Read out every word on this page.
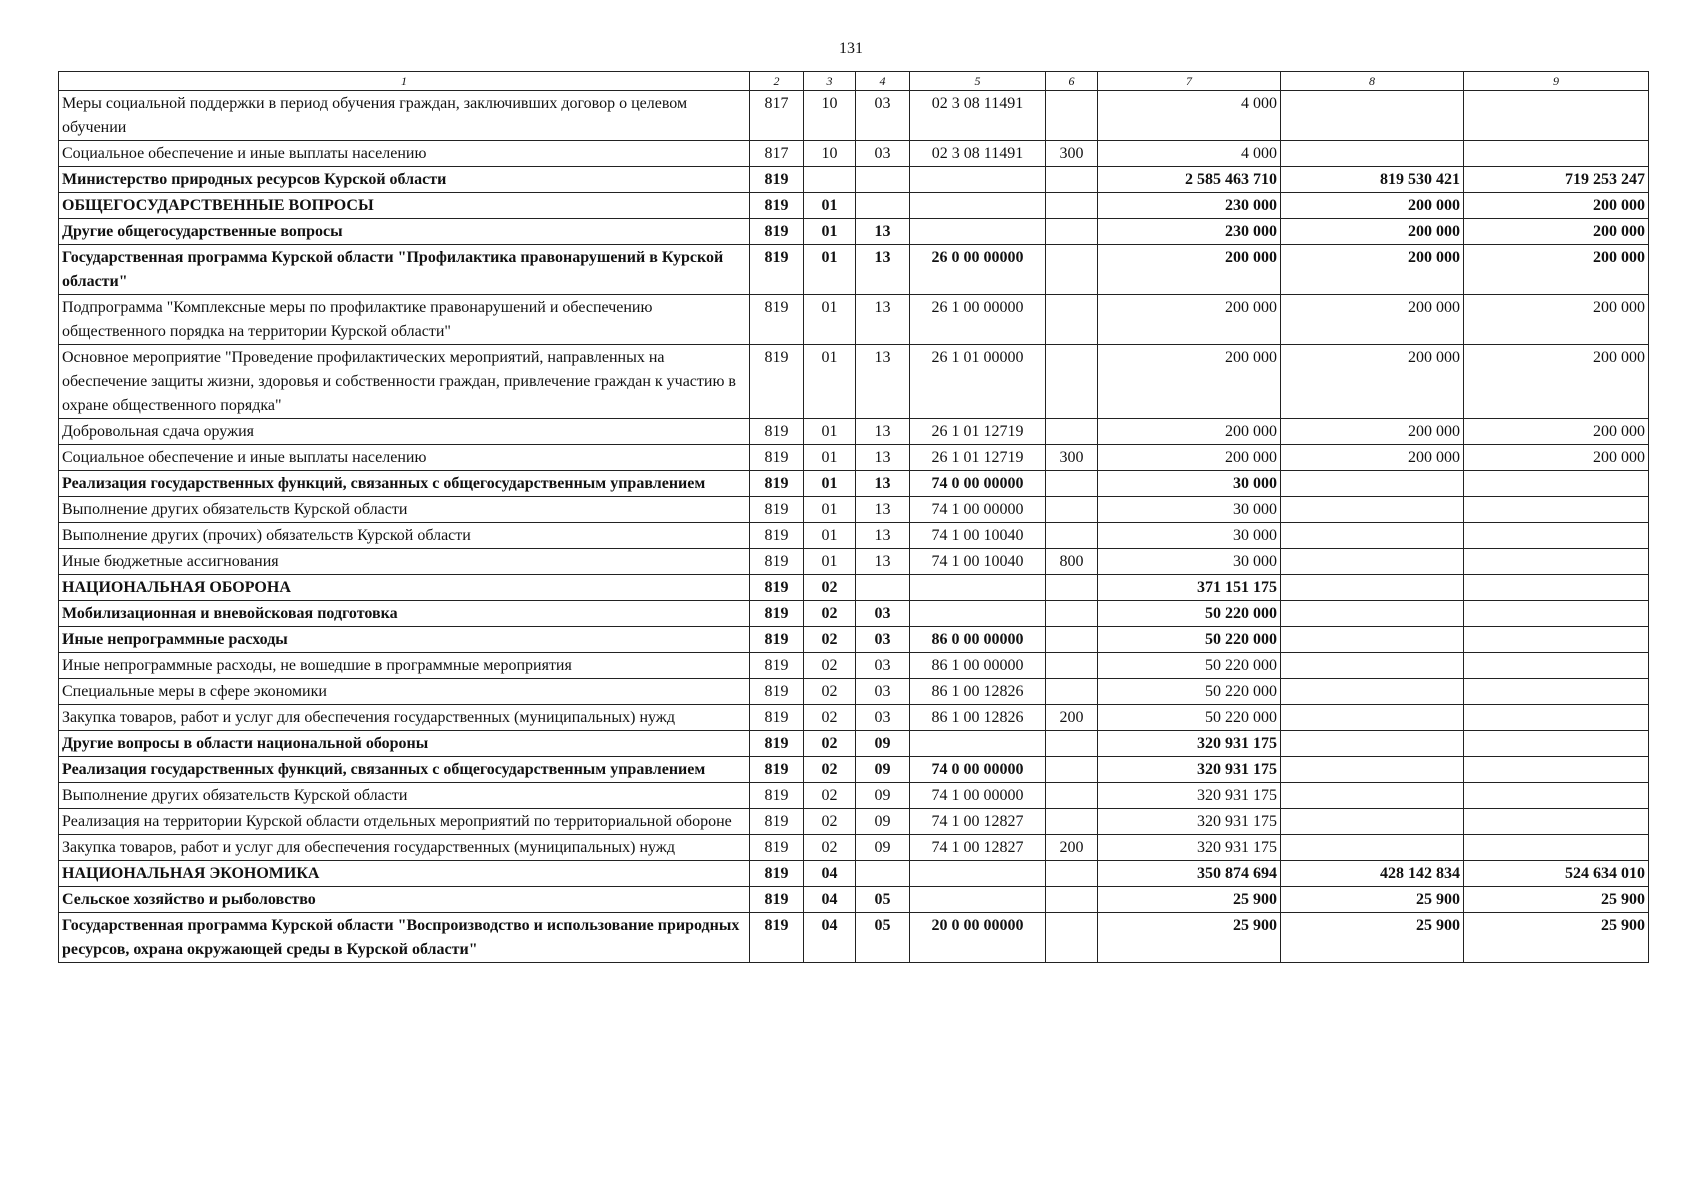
131
1	2	3	4	5	6	7	8	9
Меры социальной поддержки в период обучения граждан, заключивших договор о целевом обучении	817	10	03	02 3 08 11491		4 000		
Социальное обеспечение и иные выплаты населению	817	10	03	02 3 08 11491	300	4 000		
Министерство природных ресурсов Курской области	819					2 585 463 710	819 530 421	719 253 247
ОБЩЕГОСУДАРСТВЕННЫЕ ВОПРОСЫ	819	01				230 000	200 000	200 000
Другие общегосударственные вопросы	819	01	13			230 000	200 000	200 000
Государственная программа Курской области "Профилактика правонарушений в Курской области"	819	01	13	26 0 00 00000		200 000	200 000	200 000
Подпрограмма "Комплексные меры по профилактике правонарушений и обеспечению общественного порядка на территории Курской области"	819	01	13	26 1 00 00000		200 000	200 000	200 000
Основное мероприятие "Проведение профилактических мероприятий, направленных на обеспечение защиты жизни, здоровья и собственности граждан, привлечение граждан к участию в охране общественного порядка"	819	01	13	26 1 01 00000		200 000	200 000	200 000
Добровольная сдача оружия	819	01	13	26 1 01 12719		200 000	200 000	200 000
Социальное обеспечение и иные выплаты населению	819	01	13	26 1 01 12719	300	200 000	200 000	200 000
Реализация государственных функций, связанных с общегосударственным управлением	819	01	13	74 0 00 00000		30 000		
Выполнение других обязательств Курской области	819	01	13	74 1 00 00000		30 000		
Выполнение других (прочих) обязательств Курской области	819	01	13	74 1 00 10040		30 000		
Иные бюджетные ассигнования	819	01	13	74 1 00 10040	800	30 000		
НАЦИОНАЛЬНАЯ ОБОРОНА	819	02				371 151 175		
Мобилизационная и вневойсковая подготовка	819	02	03			50 220 000		
Иные непрограммные расходы	819	02	03	86 0 00 00000		50 220 000		
Иные непрограммные расходы, не вошедшие в программные мероприятия	819	02	03	86 1 00 00000		50 220 000		
Специальные меры в сфере экономики	819	02	03	86 1 00 12826		50 220 000		
Закупка товаров, работ и услуг для обеспечения государственных (муниципальных) нужд	819	02	03	86 1 00 12826	200	50 220 000		
Другие вопросы в области национальной обороны	819	02	09			320 931 175		
Реализация государственных функций, связанных с общегосударственным управлением	819	02	09	74 0 00 00000		320 931 175		
Выполнение других обязательств Курской области	819	02	09	74 1 00 00000		320 931 175		
Реализация на территории Курской области отдельных мероприятий по территориальной обороне	819	02	09	74 1 00 12827		320 931 175		
Закупка товаров, работ и услуг для обеспечения государственных (муниципальных) нужд	819	02	09	74 1 00 12827	200	320 931 175		
НАЦИОНАЛЬНАЯ ЭКОНОМИКА	819	04				350 874 694	428 142 834	524 634 010
Сельское хозяйство и рыболовство	819	04	05			25 900	25 900	25 900
Государственная программа Курской области "Воспроизводство и использование природных ресурсов, охрана окружающей среды в Курской области"	819	04	05	20 0 00 00000		25 900	25 900	25 900
